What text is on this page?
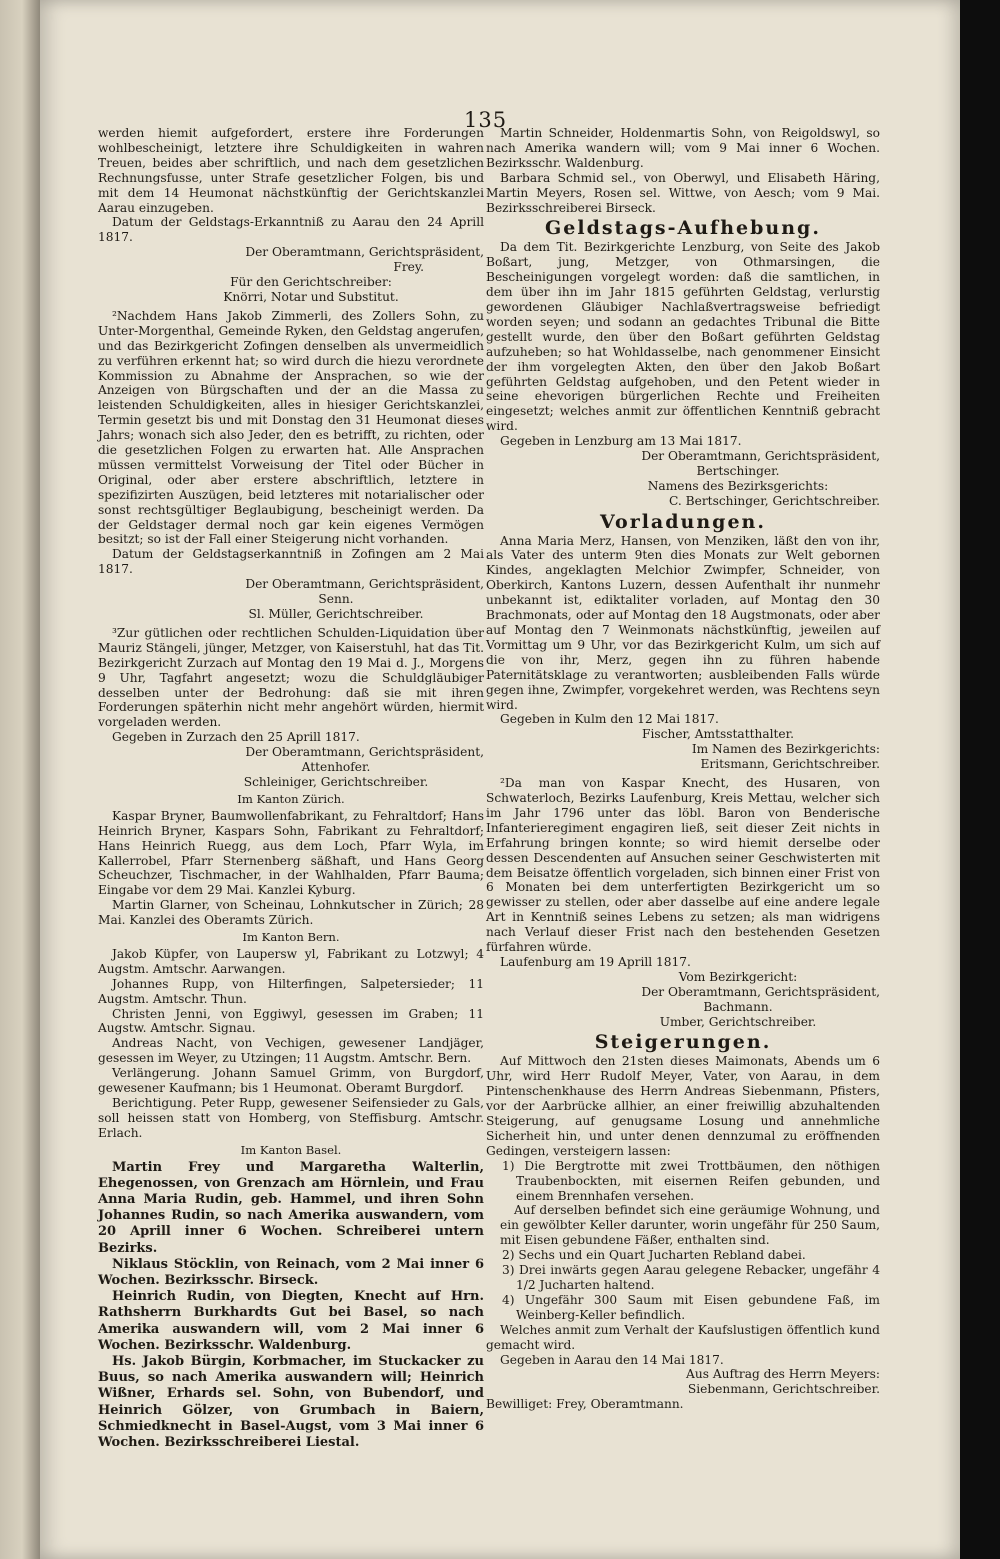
135

werden hiemit aufgefordert, erstere ihre Forderungen wohlbescheinigt, letztere ihre Schuldigkeiten in wahren Treuen, beides aber schriftlich, und nach dem gesetzlichen Rechnungsfusse, unter Strafe gesetzlicher Folgen, bis und mit dem 14 Heumonat nächstkünftig der Gerichtskanzlei Aarau einzugeben.

Datum der Geldstags-Erkanntniß zu Aarau den 24 Aprill 1817.

Der Oberamtmann, Gerichtspräsident,

Frey.

Für den Gerichtschreiber:

Knörri, Notar und Substitut.

²Nachdem Hans Jakob Zimmerli, des Zollers Sohn, zu Unter-Morgenthal, Gemeinde Ryken, den Geldstag angerufen, und das Bezirkgericht Zofingen denselben als unvermeidlich zu verführen erkennt hat; so wird durch die hiezu verordnete Kommission zu Abnahme der Ansprachen, so wie der Anzeigen von Bürgschaften und der an die Massa zu leistenden Schuldigkeiten, alles in hiesiger Gerichtskanzlei, Termin gesetzt bis und mit Donstag den 31 Heumonat dieses Jahrs; wonach sich also Jeder, den es betrifft, zu richten, oder die gesetzlichen Folgen zu erwarten hat. Alle Ansprachen müssen vermittelst Vorweisung der Titel oder Bücher in Original, oder aber erstere abschriftlich, letztere in spezifizirten Auszügen, beid letzteres mit notarialischer oder sonst rechtsgültiger Beglaubigung, bescheinigt werden. Da der Geldstager dermal noch gar kein eigenes Vermögen besitzt; so ist der Fall einer Steigerung nicht vorhanden.

Datum der Geldstagserkanntniß in Zofingen am 2 Mai 1817.

Der Oberamtmann, Gerichtspräsident,

Senn.

Sl. Müller, Gerichtschreiber.

³Zur gütlichen oder rechtlichen Schulden-Liquidation über Mauriz Stängeli, jünger, Metzger, von Kaiserstuhl, hat das Tit. Bezirkgericht Zurzach auf Montag den 19 Mai d. J., Morgens 9 Uhr, Tagfahrt angesetzt; wozu die Schuldgläubiger desselben unter der Bedrohung: daß sie mit ihren Forderungen späterhin nicht mehr angehört würden, hiermit vorgeladen werden.

Gegeben in Zurzach den 25 Aprill 1817.

Der Oberamtmann, Gerichtspräsident,

Attenhofer.

Schleiniger, Gerichtschreiber.

Im Kanton Zürich.

Kaspar Bryner, Baumwollenfabrikant, zu Fehraltdorf; Hans Heinrich Bryner, Kaspars Sohn, Fabrikant zu Fehraltdorf; Hans Heinrich Ruegg, aus dem Loch, Pfarr Wyla, im Kallerrobel, Pfarr Sternenberg säßhaft, und Hans Georg Scheuchzer, Tischmacher, in der Wahlhalden, Pfarr Bauma; Eingabe vor dem 29 Mai. Kanzlei Kyburg.

Martin Glarner, von Scheinau, Lohnkutscher in Zürich; 28 Mai. Kanzlei des Oberamts Zürich.

Im Kanton Bern.

Jakob Küpfer, von Laupersw yl, Fabrikant zu Lotzwyl; 4 Augstm. Amtschr. Aarwangen.

Johannes Rupp, von Hilterfingen, Salpetersieder; 11 Augstm. Amtschr. Thun.

Christen Jenni, von Eggiwyl, gesessen im Graben; 11 Augstw. Amtschr. Signau.

Andreas Nacht, von Vechigen, gewesener Landjäger, gesessen im Weyer, zu Utzingen; 11 Augstm. Amtschr. Bern.

Verlängerung. Johann Samuel Grimm, von Burgdorf, gewesener Kaufmann; bis 1 Heumonat. Oberamt Burgdorf.

Berichtigung. Peter Rupp, gewesener Seifensieder zu Gals, soll heissen statt von Homberg, von Steffisburg. Amtschr. Erlach.

Im Kanton Basel.

Martin Frey und Margaretha Walterlin, Ehegenossen, von Grenzach am Hörnlein, und Frau Anna Maria Rudin, geb. Hammel, und ihren Sohn Johannes Rudin, so nach Amerika auswandern, vom 20 Aprill inner 6 Wochen. Schreiberei untern Bezirks.

Niklaus Stöcklin, von Reinach, vom 2 Mai inner 6 Wochen. Bezirksschr. Birseck.

Heinrich Rudin, von Diegten, Knecht auf Hrn. Rathsherrn Burkhardts Gut bei Basel, so nach Amerika auswandern will, vom 2 Mai inner 6 Wochen. Bezirksschr. Waldenburg.

Hs. Jakob Bürgin, Korbmacher, im Stuckacker zu Buus, so nach Amerika auswandern will; Heinrich Wißner, Erhards sel. Sohn, von Bubendorf, und Heinrich Gölzer, von Grumbach in Baiern, Schmiedknecht in Basel-Augst, vom 3 Mai inner 6 Wochen. Bezirksschreiberei Liestal.

Martin Schneider, Holdenmartis Sohn, von Reigoldswyl, so nach Amerika wandern will; vom 9 Mai inner 6 Wochen. Bezirksschr. Waldenburg.

Barbara Schmid sel., von Oberwyl, und Elisabeth Häring, Martin Meyers, Rosen sel. Wittwe, von Aesch; vom 9 Mai. Bezirksschreiberei Birseck.

Geldstags-Aufhebung.

Da dem Tit. Bezirkgerichte Lenzburg, von Seite des Jakob Boßart, jung, Metzger, von Othmarsingen, die Bescheinigungen vorgelegt worden: daß die samtlichen, in dem über ihn im Jahr 1815 geführten Geldstag, verlurstig gewordenen Gläubiger Nachlaßvertragsweise befriedigt worden seyen; und sodann an gedachtes Tribunal die Bitte gestellt wurde, den über den Boßart geführten Geldstag aufzuheben; so hat Wohldasselbe, nach genommener Einsicht der ihm vorgelegten Akten, den über den Jakob Boßart geführten Geldstag aufgehoben, und den Petent wieder in seine ehevorigen bürgerlichen Rechte und Freiheiten eingesetzt; welches anmit zur öffentlichen Kenntniß gebracht wird.

Gegeben in Lenzburg am 13 Mai 1817.

Der Oberamtmann, Gerichtspräsident,

Bertschinger.

Namens des Bezirksgerichts:

C. Bertschinger, Gerichtschreiber.

Vorladungen.

Anna Maria Merz, Hansen, von Menziken, läßt den von ihr, als Vater des unterm 9ten dies Monats zur Welt gebornen Kindes, angeklagten Melchior Zwimpfer, Schneider, von Oberkirch, Kantons Luzern, dessen Aufenthalt ihr nunmehr unbekannt ist, ediktaliter vorladen, auf Montag den 30 Brachmonats, oder auf Montag den 18 Augstmonats, oder aber auf Montag den 7 Weinmonats nächstkünftig, jeweilen auf Vormittag um 9 Uhr, vor das Bezirkgericht Kulm, um sich auf die von ihr, Merz, gegen ihn zu führen habende Paternitätsklage zu verantworten; ausbleibenden Falls würde gegen ihne, Zwimpfer, vorgekehret werden, was Rechtens seyn wird.

Gegeben in Kulm den 12 Mai 1817.

Fischer, Amtsstatthalter.

Im Namen des Bezirkgerichts:

Eritsmann, Gerichtschreiber.

²Da man von Kaspar Knecht, des Husaren, von Schwaterloch, Bezirks Laufenburg, Kreis Mettau, welcher sich im Jahr 1796 unter das löbl. Baron von Benderische Infanterieregiment engagiren ließ, seit dieser Zeit nichts in Erfahrung bringen konnte; so wird hiemit derselbe oder dessen Descendenten auf Ansuchen seiner Geschwisterten mit dem Beisatze öffentlich vorgeladen, sich binnen einer Frist von 6 Monaten bei dem unterfertigten Bezirkgericht um so gewisser zu stellen, oder aber dasselbe auf eine andere legale Art in Kenntniß seines Lebens zu setzen; als man widrigens nach Verlauf dieser Frist nach den bestehenden Gesetzen fürfahren würde.

Laufenburg am 19 Aprill 1817.

Vom Bezirkgericht:

Der Oberamtmann, Gerichtspräsident,

Bachmann.

Umber, Gerichtschreiber.

Steigerungen.

Auf Mittwoch den 21sten dieses Maimonats, Abends um 6 Uhr, wird Herr Rudolf Meyer, Vater, von Aarau, in dem Pintenschenkhause des Herrn Andreas Siebenmann, Pfisters, vor der Aarbrücke allhier, an einer freiwillig abzuhaltenden Steigerung, auf genugsame Losung und annehmliche Sicherheit hin, und unter denen dennzumal zu eröffnenden Gedingen, versteigern lassen:

1) Die Bergtrotte mit zwei Trottbäumen, den nöthigen Traubenbockten, mit eisernen Reifen gebunden, und einem Brennhafen versehen.

Auf derselben befindet sich eine geräumige Wohnung, und ein gewölbter Keller darunter, worin ungefähr für 250 Saum, mit Eisen gebundene Fäßer, enthalten sind.

2) Sechs und ein Quart Jucharten Rebland dabei.

3) Drei inwärts gegen Aarau gelegene Rebacker, ungefähr 4 1/2 Jucharten haltend.

4) Ungefähr 300 Saum mit Eisen gebundene Faß, im Weinberg-Keller befindlich.

Welches anmit zum Verhalt der Kaufslustigen öffentlich kund gemacht wird.

Gegeben in Aarau den 14 Mai 1817.

Aus Auftrag des Herrn Meyers:

Siebenmann, Gerichtschreiber.

Bewilliget: Frey, Oberamtmann.
